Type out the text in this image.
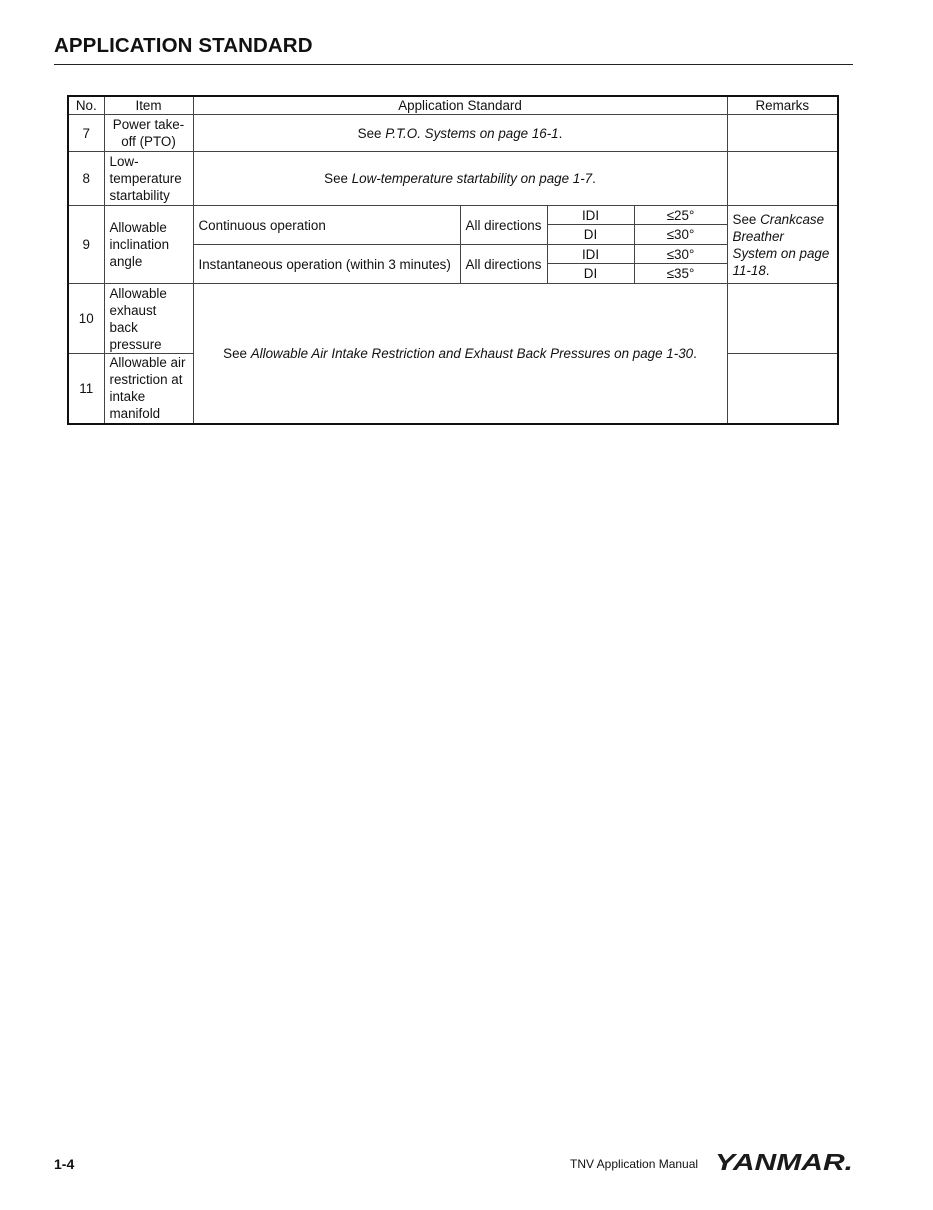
APPLICATION STANDARD
No.	Item	Application Standard				Remarks
7	Power take-off (PTO)	See P.T.O. Systems on page 16-1.				
8	Low-temperature startability	See Low-temperature startability on page 1-7.				
9	Allowable inclination angle	Continuous operation	All directions	IDI	≤25°	See Crankcase Breather System on page 11-18.
				DI	≤30°	
		Instantaneous operation (within 3 minutes)	All directions	IDI	≤30°	
				DI	≤35°	
10	Allowable exhaust back pressure	See Allowable Air Intake Restriction and Exhaust Back Pressures on page 1-30.				
11	Allowable air restriction at intake manifold					
1-4	TNV Application Manual YANMAR.
